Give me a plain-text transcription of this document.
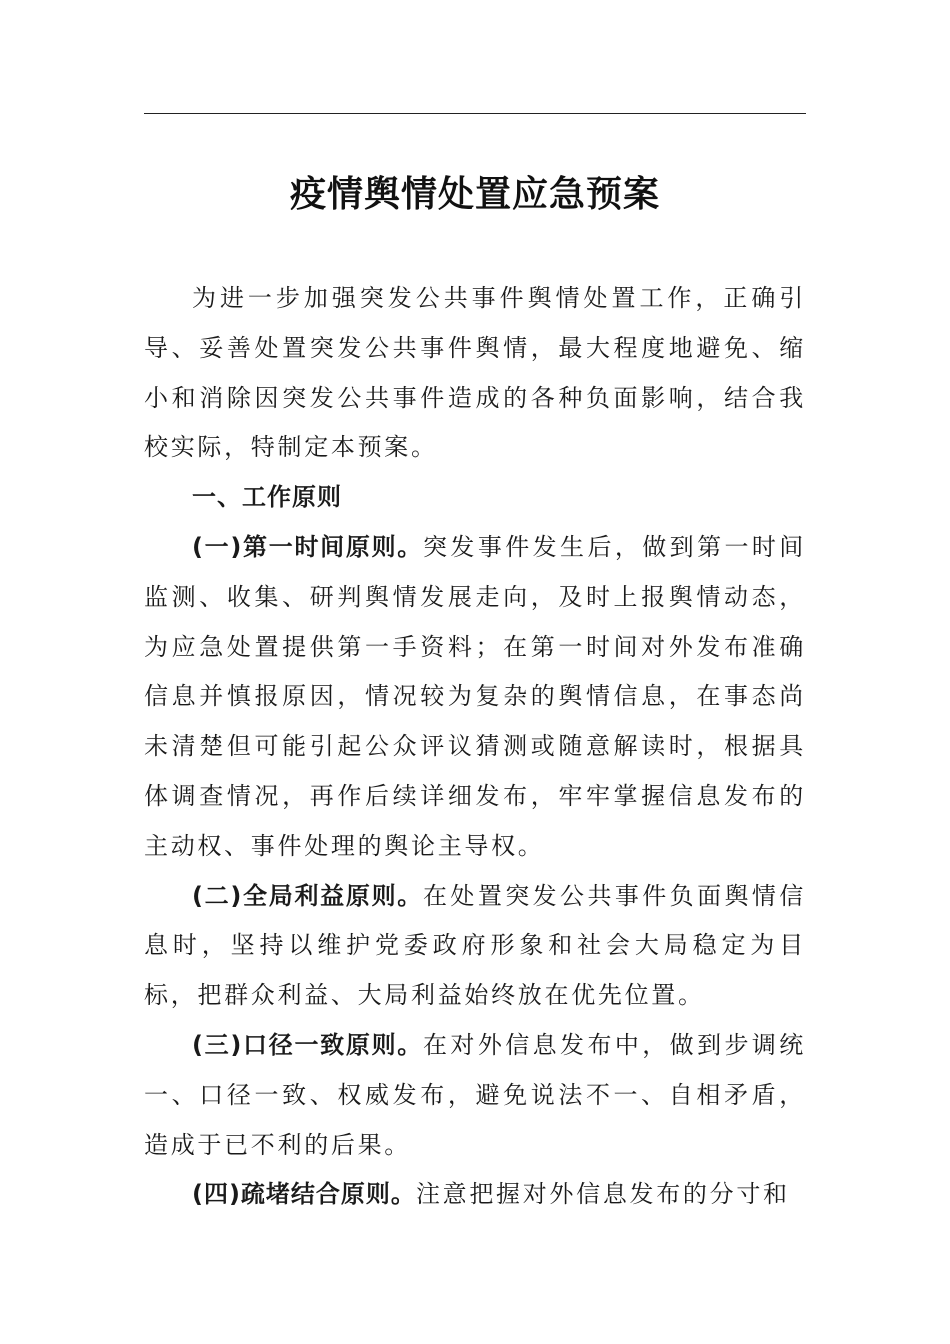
疫情舆情处置应急预案

为进一步加强突发公共事件舆情处置工作，正确引导、妥善处置突发公共事件舆情，最大程度地避免、缩小和消除因突发公共事件造成的各种负面影响，结合我校实际，特制定本预案。

一、工作原则

(一)第一时间原则。突发事件发生后，做到第一时间监测、收集、研判舆情发展走向，及时上报舆情动态，为应急处置提供第一手资料；在第一时间对外发布准确信息并慎报原因，情况较为复杂的舆情信息，在事态尚未清楚但可能引起公众评议猜测或随意解读时，根据具体调查情况，再作后续详细发布，牢牢掌握信息发布的主动权、事件处理的舆论主导权。

(二)全局利益原则。在处置突发公共事件负面舆情信息时，坚持以维护党委政府形象和社会大局稳定为目标，把群众利益、大局利益始终放在优先位置。

(三)口径一致原则。在对外信息发布中，做到步调统一、口径一致、权威发布，避免说法不一、自相矛盾，造成于已不利的后果。

(四)疏堵结合原则。注意把握对外信息发布的分寸和
